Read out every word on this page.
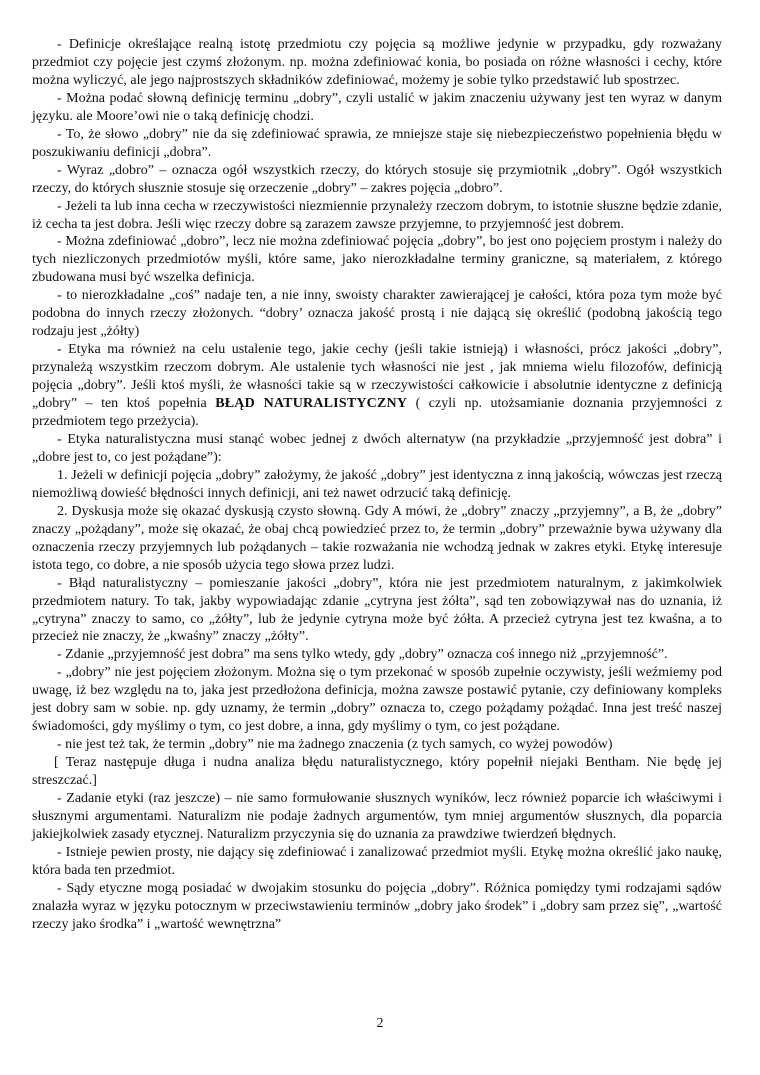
- Definicje określające realną istotę przedmiotu czy pojęcia są możliwe jedynie w przypadku, gdy rozważany przedmiot czy pojęcie jest czymś złożonym. np. można zdefiniować konia, bo posiada on różne własności i cechy, które można wyliczyć, ale jego najprostszych składników zdefiniować, możemy je sobie tylko przedstawić lub spostrzec.

- Można podać słowną definicję terminu „dobry”, czyli ustalić w jakim znaczeniu używany jest ten wyraz w danym języku. ale Moore’owi nie o taką definicję chodzi.

- To, że słowo „dobry” nie da się zdefiniować sprawia, ze mniejsze staje się niebezpieczeństwo popełnienia błędu w poszukiwaniu definicji „dobra”.

- Wyraz „dobro” – oznacza ogół wszystkich rzeczy, do których stosuje się przymiotnik „dobry”. Ogół wszystkich rzeczy, do których słusznie stosuje się orzeczenie „dobry” – zakres pojęcia „dobro”.

- Jeżeli ta lub inna cecha w rzeczywistości niezmiennie przynależy rzeczom dobrym, to istotnie słuszne będzie zdanie, iż cecha ta jest dobra. Jeśli więc rzeczy dobre są zarazem zawsze przyjemne, to przyjemność jest dobrem.

- Można zdefiniować „dobro”, lecz nie można zdefiniować pojęcia „dobry”, bo jest ono pojęciem prostym i należy do tych niezliczonych przedmiotów myśli, które same, jako nierozkładalne terminy graniczne, są materiałem, z którego zbudowana musi być wszelka definicja.

- to nierozkładalne „coś” nadaje ten, a nie inny, swoisty charakter zawierającej je całości, która poza tym może być podobna do innych rzeczy złożonych. “dobry’ oznacza jakość prostą i nie dającą się określić (podobną jakością tego rodzaju jest „żółty)

- Etyka ma również na celu ustalenie tego, jakie cechy (jeśli takie istnieją) i własności, prócz jakości „dobry”, przynależą wszystkim rzeczom dobrym. Ale ustalenie tych własności nie jest , jak mniema wielu filozofów, definicją pojęcia „dobry”. Jeśli ktoś myśli, że własności takie są w rzeczywistości całkowicie i absolutnie identyczne z definicją „dobry” – ten ktoś popełnia BŁĄD NATURALISTYCZNY ( czyli np. utożsamianie doznania przyjemności z przedmiotem tego przeżycia).

- Etyka naturalistyczna musi stanąć wobec jednej z dwóch alternatyw (na przykładzie „przyjemność jest dobra” i „dobre jest to, co jest pożądane”):

1. Jeżeli w definicji pojęcia „dobry” założymy, że jakość „dobry” jest identyczna z inną jakością, wówczas jest rzeczą niemożliwą dowieść błędności innych definicji, ani też nawet odrzucić taką definicję.

2. Dyskusja może się okazać dyskusją czysto słowną. Gdy A mówi, że „dobry” znaczy „przyjemny”, a B, że „dobry” znaczy „pożądany”, może się okazać, że obaj chcą powiedzieć przez to, że termin „dobry” przeważnie bywa używany dla oznaczenia rzeczy przyjemnych lub pożądanych – takie rozważania nie wchodzą jednak w zakres etyki. Etykę interesuje istota tego, co dobre, a nie sposób użycia tego słowa przez ludzi.

- Błąd naturalistyczny – pomieszanie jakości „dobry”, która nie jest przedmiotem naturalnym, z jakimkolwiek przedmiotem natury. To tak, jakby wypowiadając zdanie „cytryna jest żółta”, sąd ten zobowiązywał nas do uznania, iż „cytryna” znaczy to samo, co „żółty”, lub że jedynie cytryna może być żółta. A przecież cytryna jest tez kwaśna, a to przecież nie znaczy, że „kwaśny” znaczy „żółty”.

- Zdanie „przyjemność jest dobra” ma sens tylko wtedy, gdy „dobry” oznacza coś innego niż „przyjemność”.

- „dobry” nie jest pojęciem złożonym. Można się o tym przekonać w sposób zupełnie oczywisty, jeśli weźmiemy pod uwagę, iż bez względu na to, jaka jest przedłożona definicja, można zawsze postawić pytanie, czy definiowany kompleks jest dobry sam w sobie. np. gdy uznamy, że termin „dobry” oznacza to, czego pożądamy pożądać. Inna jest treść naszej świadomości, gdy myślimy o tym, co jest dobre, a inna, gdy myślimy o tym, co jest pożądane.

- nie jest też tak, że termin „dobry” nie ma żadnego znaczenia (z tych samych, co wyżej powodów)

[ Teraz następuje długa i nudna analiza błędu naturalistycznego, który popełnił niejaki Bentham. Nie będę jej streszczać.]

- Zadanie etyki (raz jeszcze) – nie samo formułowanie słusznych wyników, lecz również poparcie ich właściwymi i słusznymi argumentami. Naturalizm nie podaje żadnych argumentów, tym mniej argumentów słusznych, dla poparcia jakiejkolwiek zasady etycznej. Naturalizm przyczynia się do uznania za prawdziwe twierdzeń błędnych.

- Istnieje pewien prosty, nie dający się zdefiniować i zanalizować przedmiot myśli. Etykę można określić jako naukę, która bada ten przedmiot.

- Sądy etyczne mogą posiadać w dwojakim stosunku do pojęcia „dobry”. Różnica pomiędzy tymi rodzajami sądów znalazła wyraz w języku potocznym w przeciwstawieniu terminów „dobry jako środek” i „dobry sam przez się”, „wartość rzeczy jako środka” i „wartość wewnętrzna”

2
